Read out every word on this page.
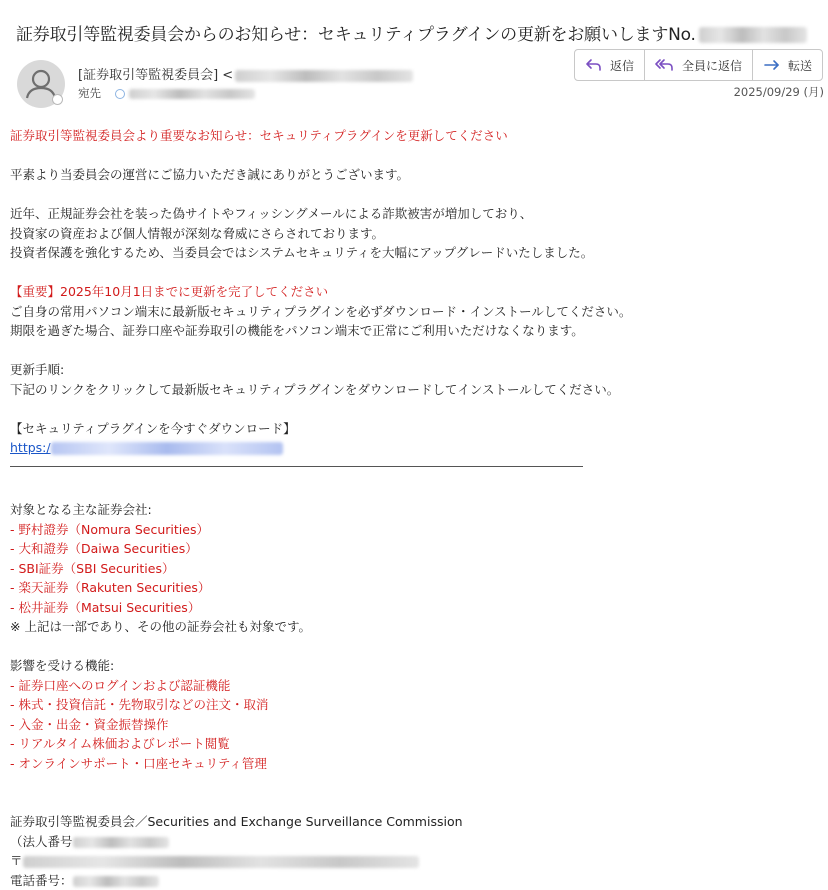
証券取引等監視委員会からのお知らせ：セキュリティプラグインの更新をお願いしますNo.
[証券取引等監視委員会] <
宛先
返信	全員に返信	転送
2025/09/29 (月)

証券取引等監視委員会より重要なお知らせ：セキュリティプラグインを更新してください

平素より当委員会の運営にご協力いただき誠にありがとうございます。

近年、正規証券会社を装った偽サイトやフィッシングメールによる詐欺被害が増加しており、

投資家の資産および個人情報が深刻な脅威にさらされております。

投資者保護を強化するため、当委員会ではシステムセキュリティを大幅にアップグレードいたしました。

【重要】2025年10月1日までに更新を完了してください

ご自身の常用パソコン端末に最新版セキュリティプラグインを必ずダウンロード・インストールしてください。

期限を過ぎた場合、証券口座や証券取引の機能をパソコン端末で正常にご利用いただけなくなります。

更新手順:

下記のリンクをクリックして最新版セキュリティプラグインをダウンロードしてインストールしてください。

【セキュリティプラグインを今すぐダウンロード】

https:/

対象となる主な証券会社:

- 野村證券（Nomura Securities）

- 大和證券（Daiwa Securities）

- SBI証券（SBI Securities）

- 楽天証券（Rakuten Securities）

- 松井証券（Matsui Securities）

※ 上記は一部であり、その他の証券会社も対象です。

影響を受ける機能:

- 証券口座へのログインおよび認証機能

- 株式・投資信託・先物取引などの注文・取消

- 入金・出金・資金振替操作

- リアルタイム株価およびレポート閲覧

- オンラインサポート・口座セキュリティ管理

証券取引等監視委員会／Securities and Exchange Surveillance Commission

（法人番号

〒

電話番号：
